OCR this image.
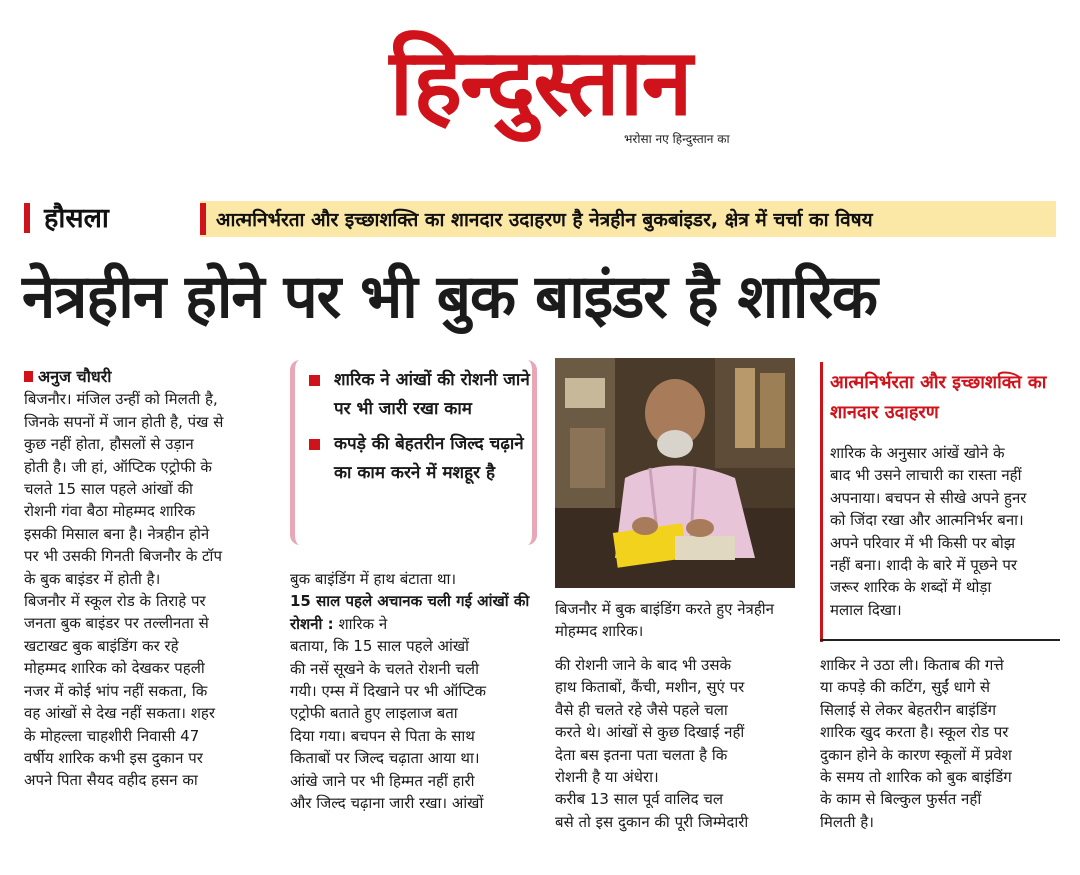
हिन्दुस्तान
भरोसा नए हिन्दुस्तान का
हौसला	आत्मनिर्भरता और इच्छाशक्ति का शानदार उदाहरण है नेत्रहीन बुकबांइडर, क्षेत्र में चर्चा का विषय
नेत्रहीन होने पर भी बुक बाइंडर है शारिक

अनुज चौधरी

बिजनौर। मंजिल उन्हीं को मिलती है,

जिनके सपनों में जान होती है, पंख से

कुछ नहीं होता, हौसलों से उड़ान

होती है। जी हां, ऑप्टिक एट्रोफी के

चलते 15 साल पहले आंखों की

रोशनी गंवा बैठा मोहम्मद शारिक

इसकी मिसाल बना है। नेत्रहीन होने

पर भी उसकी गिनती बिजनौर के टॉप

के बुक बाइंडर में होती है।

बिजनौर में स्कूल रोड के तिराहे पर

जनता बुक बाइंडर पर तल्लीनता से

खटाखट बुक बाइंडिंग कर रहे

मोहम्मद शारिक को देखकर पहली

नजर में कोई भांप नहीं सकता, कि

वह आंखों से देख नहीं सकता। शहर

के मोहल्ला चाहशीरी निवासी 47

वर्षीय शारिक कभी इस दुकान पर

अपने पिता सैयद वहीद हसन का

शारिक ने आंखों की रोशनी जाने पर भी जारी रखा काम
कपड़े की बेहतरीन जिल्द चढ़ाने का काम करने में मशहूर है

बुक बाइंडिंग में हाथ बंटाता था।

15 साल पहले अचानक चली गई आंखों की रोशनी : शारिक ने

बताया, कि 15 साल पहले आंखों

की नसें सूखने के चलते रोशनी चली

गयी। एम्स में दिखाने पर भी ऑप्टिक

एट्रोफी बताते हुए लाइलाज बता

दिया गया। बचपन से पिता के साथ

किताबों पर जिल्द चढ़ाता आया था।

आंखे जाने पर भी हिम्मत नहीं हारी

और जिल्द चढ़ाना जारी रखा। आंखों

बिजनौर में बुक बाइंडिंग करते हुए नेत्रहीन मोहम्मद शारिक।

की रोशनी जाने के बाद भी उसके

हाथ किताबों, कैंची, मशीन, सुएं पर

वैसे ही चलते रहे जैसे पहले चला

करते थे। आंखों से कुछ दिखाई नहीं

देता बस इतना पता चलता है कि

रोशनी है या अंधेरा।

करीब 13 साल पूर्व वालिद चल

बसे तो इस दुकान की पूरी जिम्मेदारी

आत्मनिर्भरता और इच्छाशक्ति का शानदार उदाहरण

शारिक के अनुसार आंखें खोने के

बाद भी उसने लाचारी का रास्ता नहीं

अपनाया। बचपन से सीखे अपने हुनर

को जिंदा रखा और आत्मनिर्भर बना।

अपने परिवार में भी किसी पर बोझ

नहीं बना। शादी के बारे में पूछने पर

जरूर शारिक के शब्दों में थोड़ा

मलाल दिखा।

शाकिर ने उठा ली। किताब की गत्ते

या कपड़े की कटिंग, सुईं धागे से

सिलाई से लेकर बेहतरीन बाइंडिंग

शारिक खुद करता है। स्कूल रोड पर

दुकान होने के कारण स्कूलों में प्रवेश

के समय तो शारिक को बुक बाइंडिंग

के काम से बिल्कुल फुर्सत नहीं

मिलती है।
